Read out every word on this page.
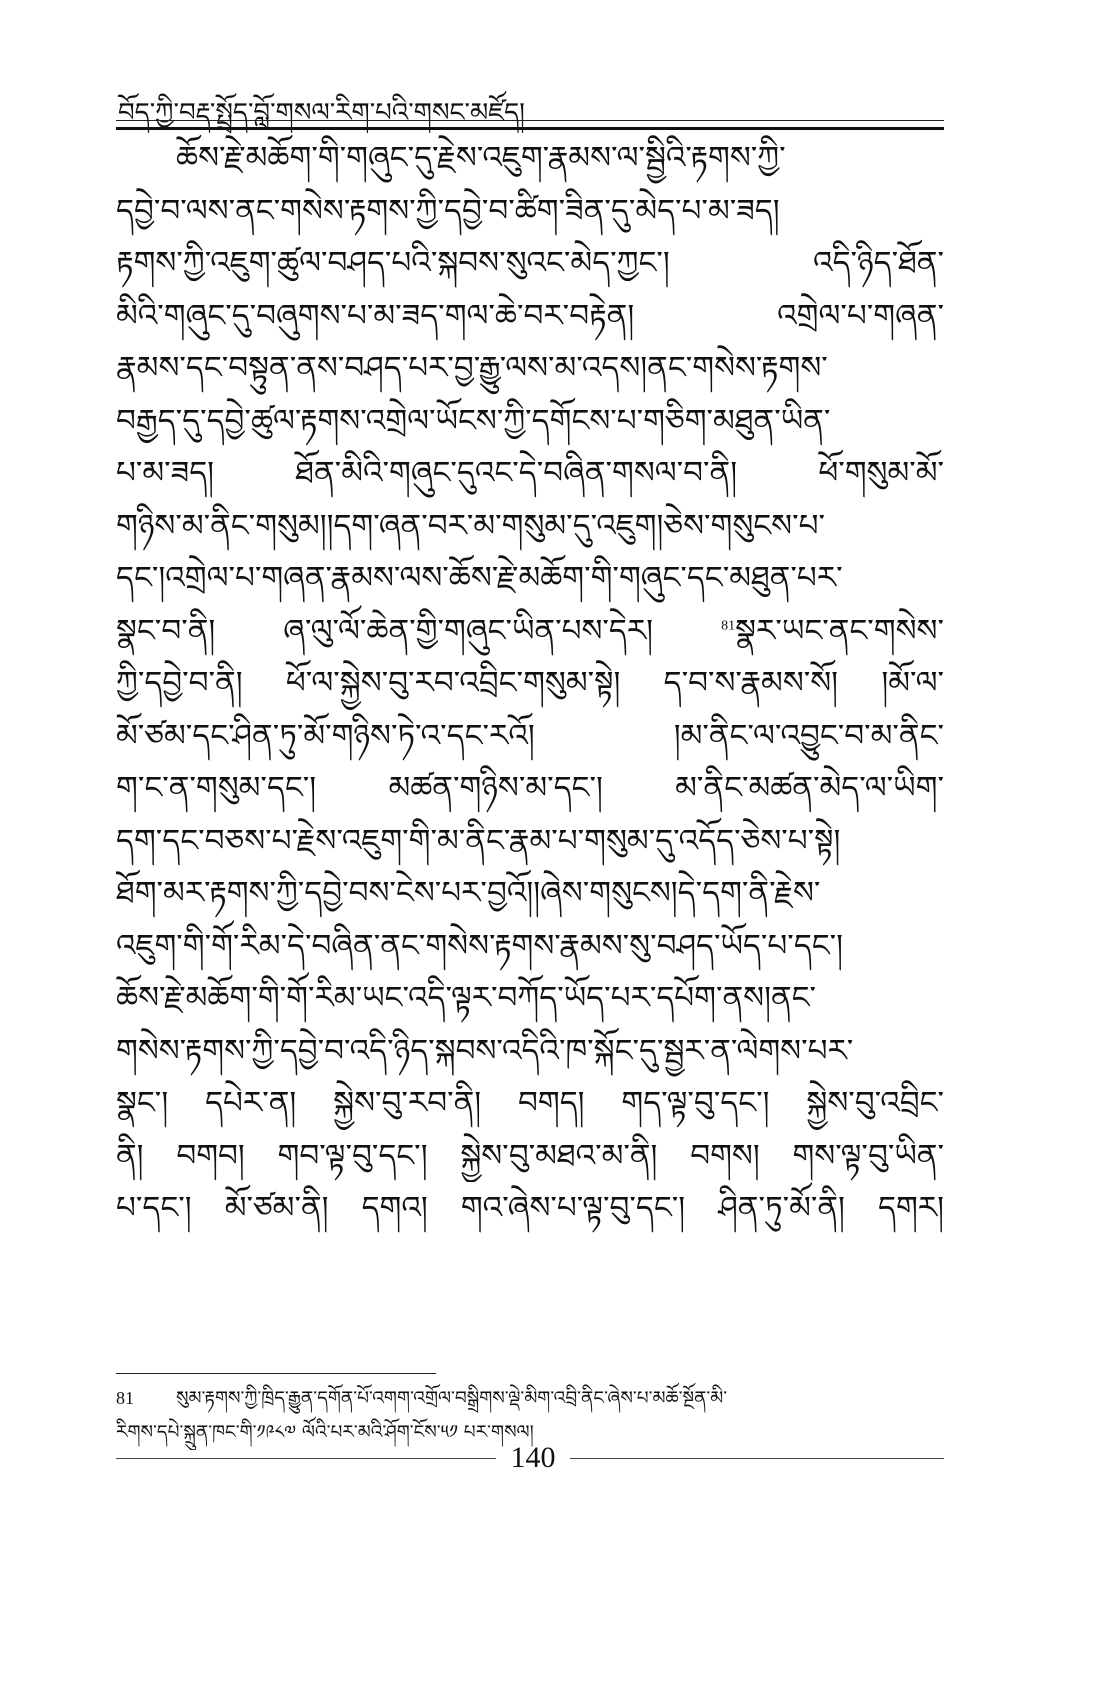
བོད་ཀྱི་བརྡ་སྤྲོད་བློ་གསལ་རིག་པའི་གསང་མཛོད།
ཆོས་རྗེ་མཆོག་གི་གཞུང་དུ་རྗེས་འཇུག་རྣམས་ལ་སྦྱིའི་རྟགས་ཀྱི་
དབྱེ་བ་ལས་ནང་གསེས་རྟགས་ཀྱི་དབྱེ་བ་ཚིག་ཟིན་དུ་མེད་པ་མ་ཟད།
རྟགས་ཀྱི་འཇུག་ཚུལ་བཤད་པའི་སྐབས་སུའང་མེད་ཀྱང་། འདི་ཉིད་ཐོན་
མིའི་གཞུང་དུ་བཞུགས་པ་མ་ཟད་གལ་ཆེ་བར་བརྟེན། འགྲེལ་པ་གཞན་
རྣམས་དང་བསྟུན་ནས་བཤད་པར་བྱ་རྒྱུ་ལས་མ་འདས།ནང་གསེས་རྟགས་
བརྒྱད་དུ་དབྱེ་ཚུལ་རྟགས་འགྲེལ་ཡོངས་ཀྱི་དགོངས་པ་གཅིག་མཐུན་ཡིན་
པ་མ་ཟད། ཐོན་མིའི་གཞུང་དུའང་དེ་བཞིན་གསལ་བ་ནི། ཕོ་གསུམ་མོ་
གཉིས་མ་ནིང་གསུམ།།དག་ཞན་བར་མ་གསུམ་དུ་འཇུག།ཅེས་གསུངས་པ་
དང་།འགྲེལ་པ་གཞན་རྣམས་ལས་ཆོས་རྗེ་མཆོག་གི་གཞུང་དང་མཐུན་པར་
སྣང་བ་ནི། ཞ་ལུ་ལོ་ཆེན་གྱི་གཞུང་ཡིན་པས་དེར། $^{81}$སྣར་ཡང་ནང་གསེས་
ཀྱི་དབྱེ་བ་ནི། ཕོ་ལ་སྐྱེས་བུ་རབ་འབྲིང་གསུམ་སྟེ། ད་བ་ས་རྣམས་སོ། །མོ་ལ་
མོ་ཙམ་དང་ཤིན་ཏུ་མོ་གཉིས་ཏེ་འ་དང་རའོ། །མ་ནིང་ལ་འབྱུང་བ་མ་ནིང་
ག་ང་ན་གསུམ་དང་། མཚན་གཉིས་མ་དང་། མ་ནིང་མཚན་མེད་ལ་ཡིག་
དག་དང་བཅས་པ་རྗེས་འཇུག་གི་མ་ནིང་རྣམ་པ་གསུམ་དུ་འདོད་ཅེས་པ་སྟེ།
ཐོག་མར་རྟགས་ཀྱི་དབྱེ་བས་ངེས་པར་བྱའོ།།ཞེས་གསུངས།དེ་དག་ནི་རྗེས་
འཇུག་གི་གོ་རིམ་དེ་བཞིན་ནང་གསེས་རྟགས་རྣམས་སུ་བཤད་ཡོད་པ་དང་།
ཆོས་རྗེ་མཆོག་གི་གོ་རིམ་ཡང་འདི་ལྟར་བཀོད་ཡོད་པར་དཔོག་ནས།ནང་
གསེས་རྟགས་ཀྱི་དབྱེ་བ་འདི་ཉིད་སྐབས་འདིའི་ཁ་སྐོང་དུ་སྦྱར་ན་ལེགས་པར་
སྣང་། དཔེར་ན། སྐྱེས་བུ་རབ་ནི། བགད། གད་ལྟ་བུ་དང་། སྐྱེས་བུ་འབྲིང་
ནི། བགབ། གབ་ལྟ་བུ་དང་། སྐྱེས་བུ་མཐའ་མ་ནི། བགས། གས་ལྟ་བུ་ཡིན་
པ་དང་། མོ་ཙམ་ནི། དགའ། གའ་ཞེས་པ་ལྟ་བུ་དང་། ཤིན་ཏུ་མོ་ནི། དགར།
81 སུམ་རྟགས་ཀྱི་ཁྲིད་རྒྱུན་དགོན་པོ་འགག་འགྲོལ་བསྒྲིགས་ལྡེ་མིག་འབྲི་ནིང་ཞེས་པ་མཆོ་སྔོན་མི་
རིགས་དཔེ་སྐྲུན་ཁང་གི་༡༩༨༧ ལོའི་པར་མའི་ཤོག་ངོས་༥༡ པར་གསལ།
140
